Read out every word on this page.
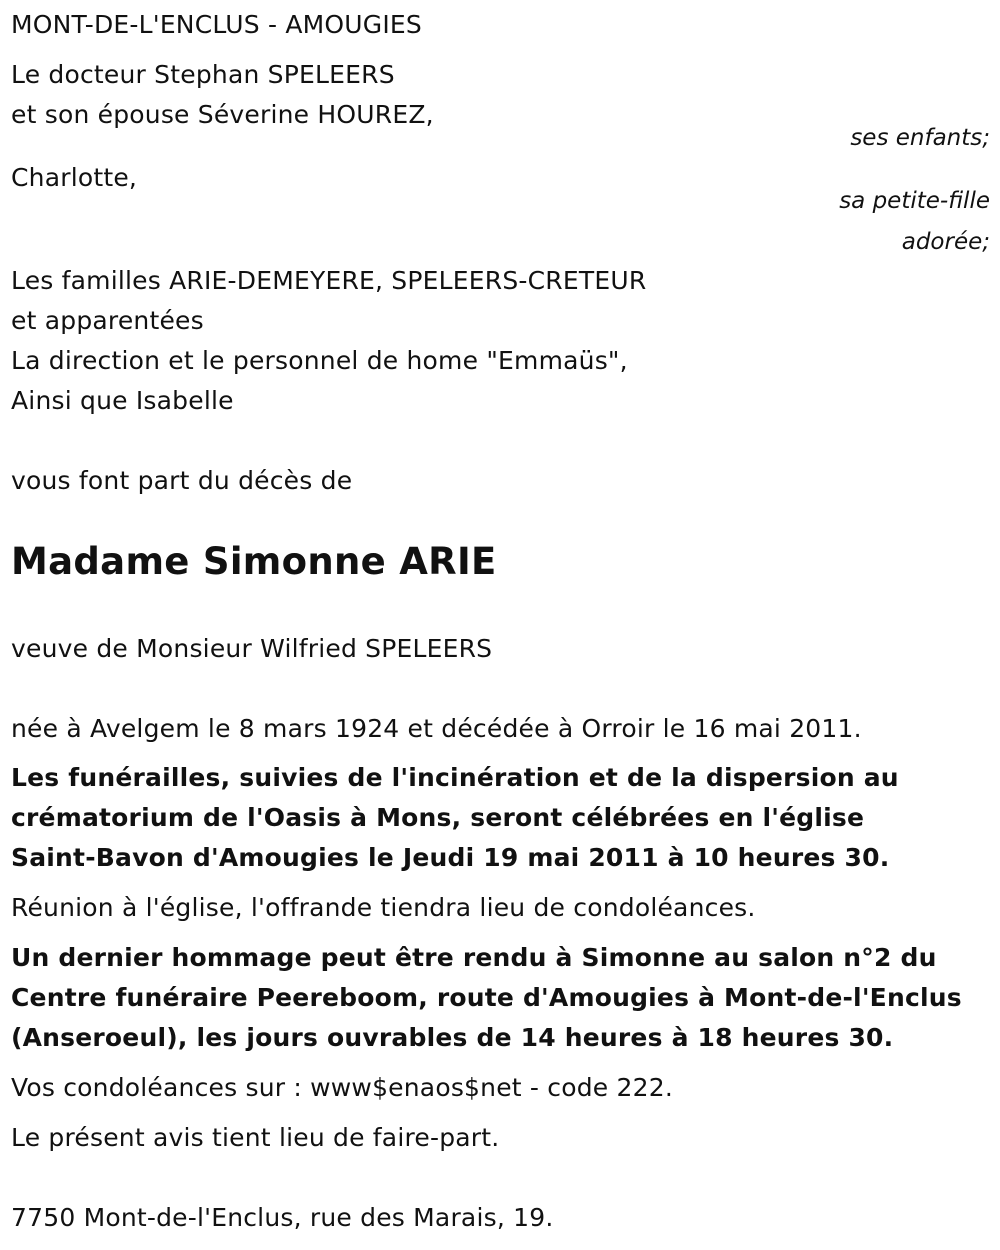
MONT-DE-L'ENCLUS - AMOUGIES
Le docteur Stephan SPELEERS
et son épouse Séverine HOUREZ,
ses enfants;
Charlotte,
sa petite-fille
adorée;
Les familles ARIE-DEMEYERE, SPELEERS-CRETEUR
et apparentées
La direction et le personnel de home "Emmaüs",
Ainsi que Isabelle
vous font part du décès de
Madame Simonne ARIE
veuve de Monsieur Wilfried SPELEERS
née à Avelgem le 8 mars 1924 et décédée à Orroir le 16 mai 2011.
Les funérailles, suivies de l'incinération et de la dispersion au
crématorium de l'Oasis à Mons, seront célébrées en l'église
Saint-Bavon d'Amougies le Jeudi 19 mai 2011 à 10 heures 30.
Réunion à l'église, l'offrande tiendra lieu de condoléances.
Un dernier hommage peut être rendu à Simonne au salon n°2 du
Centre funéraire Peereboom, route d'Amougies à Mont-de-l'Enclus
(Anseroeul), les jours ouvrables de 14 heures à 18 heures 30.
Vos condoléances sur : www$enaos$net - code 222.
Le présent avis tient lieu de faire-part.
7750 Mont-de-l'Enclus, rue des Marais, 19.
